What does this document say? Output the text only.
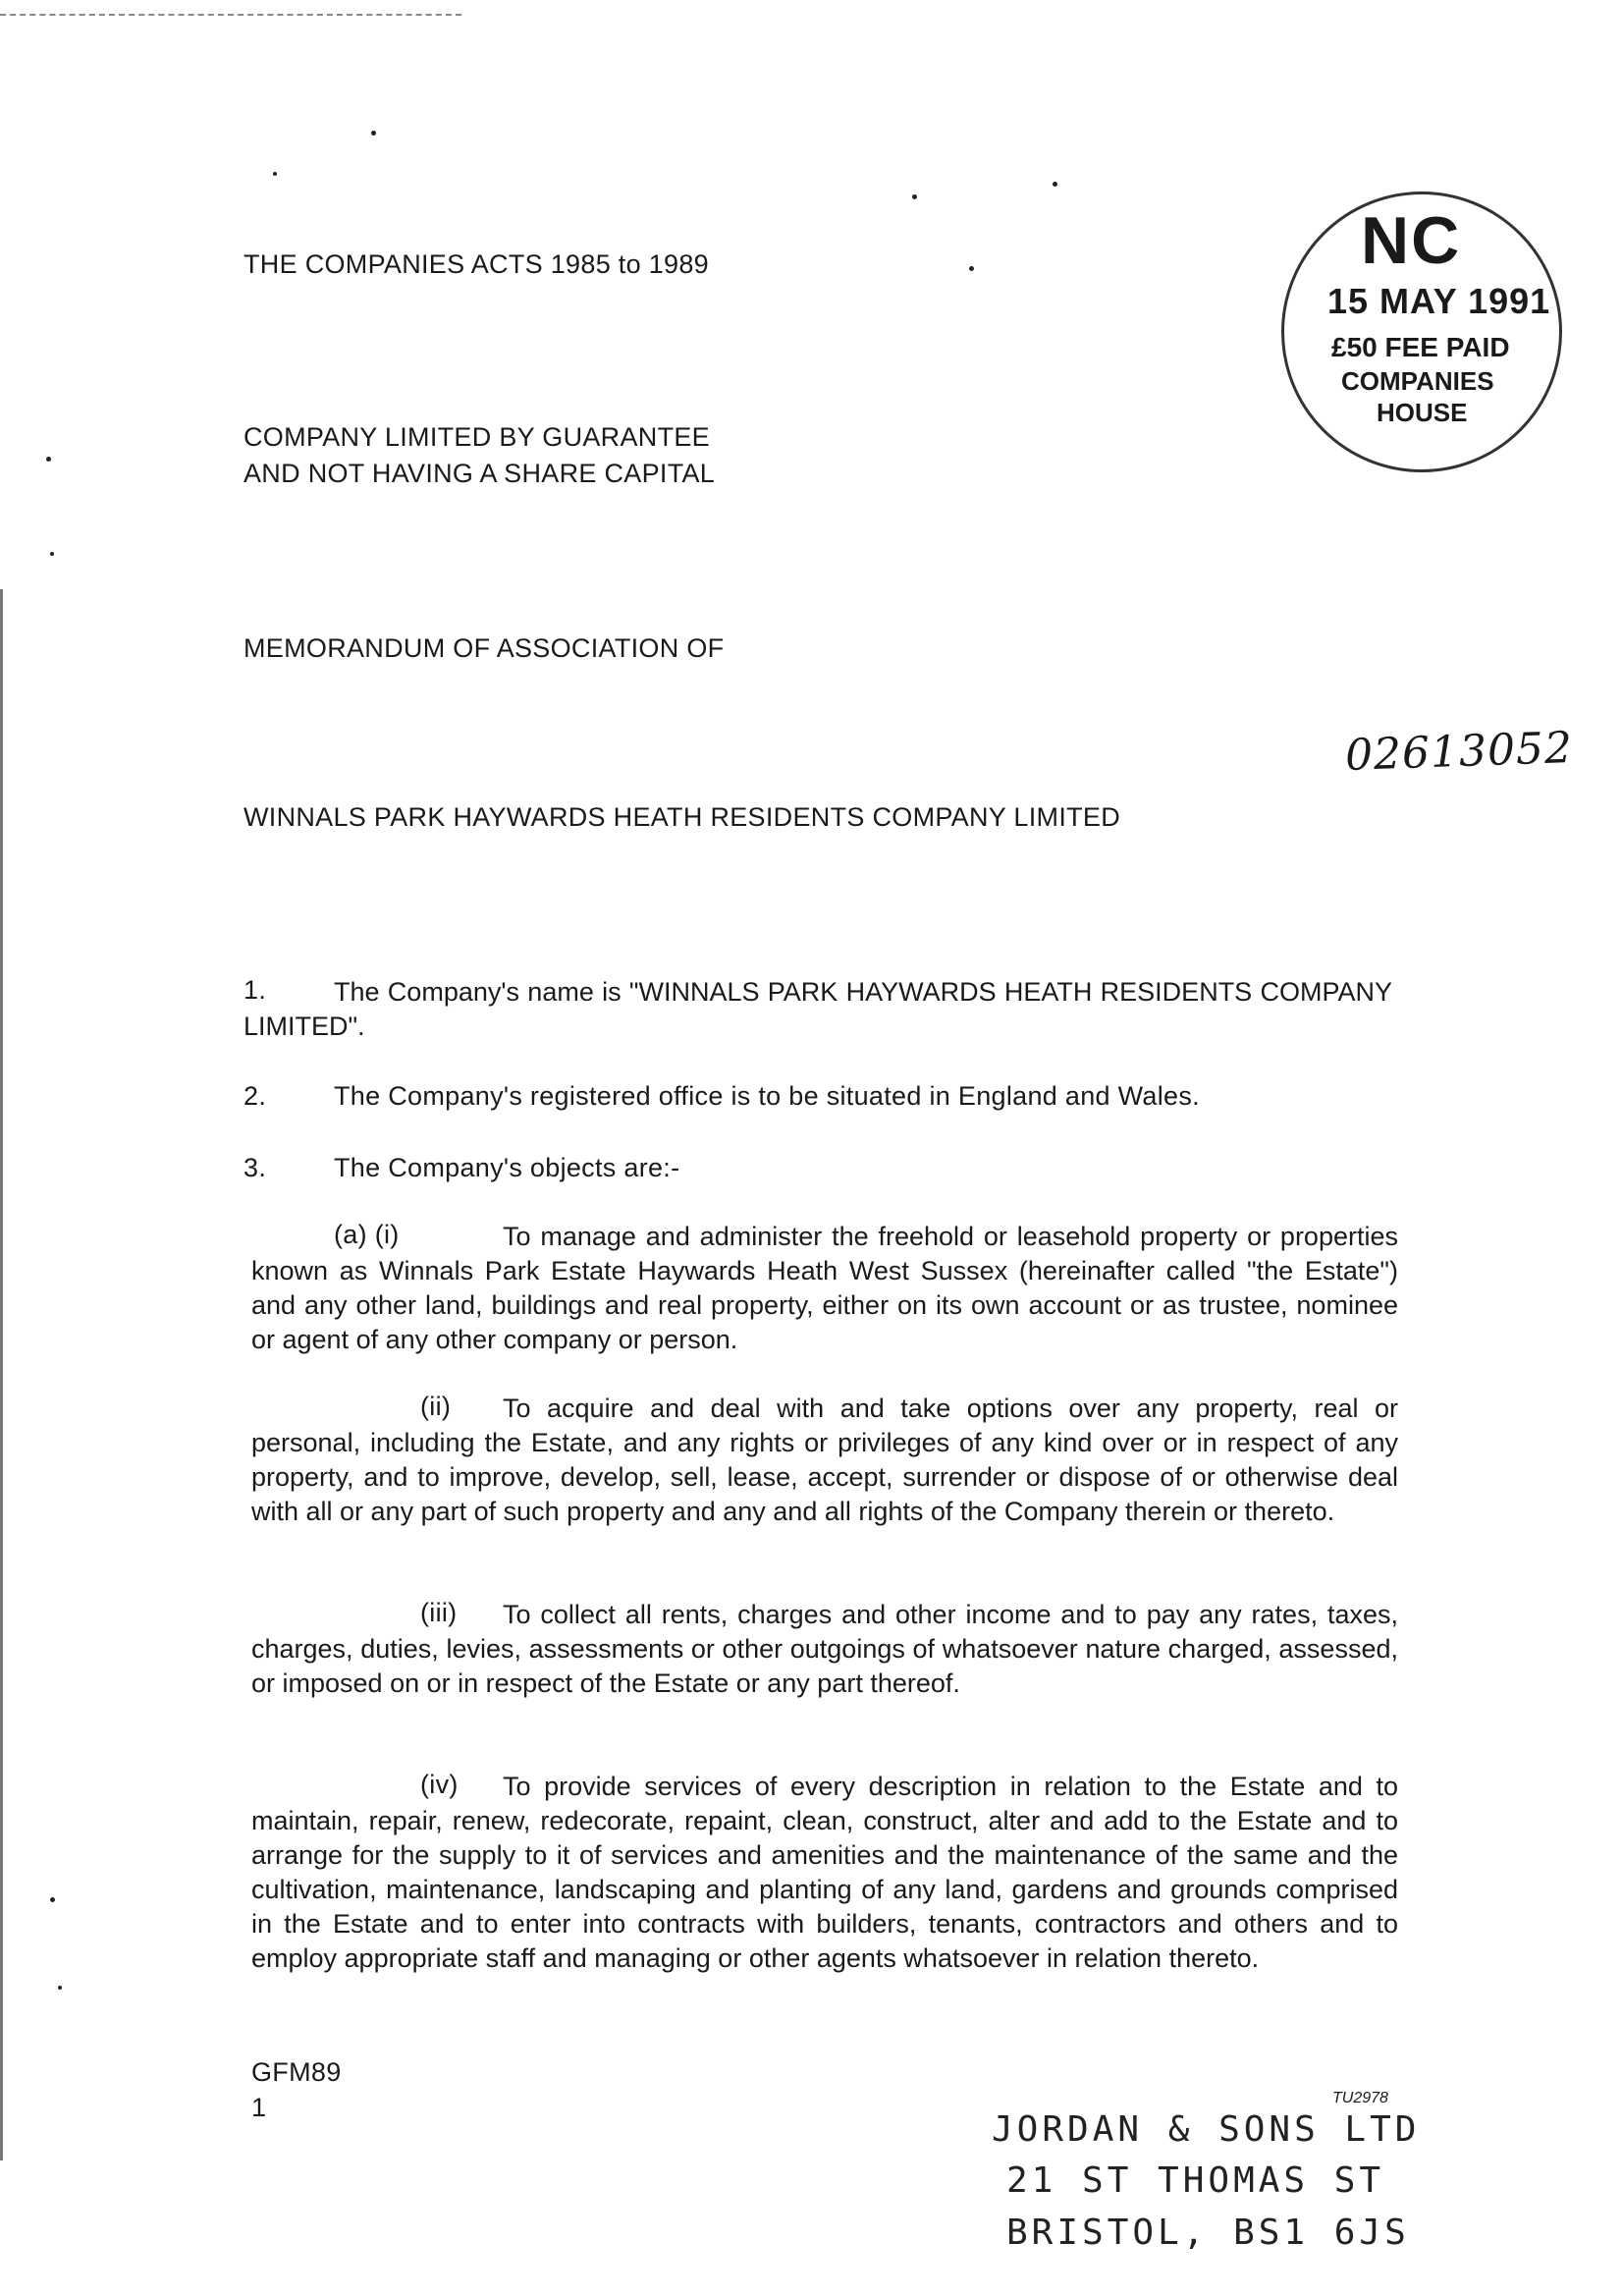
THE COMPANIES ACTS 1985 to 1989
COMPANY LIMITED BY GUARANTEE
AND NOT HAVING A SHARE CAPITAL
MEMORANDUM OF ASSOCIATION OF
WINNALS PARK HAYWARDS HEATH RESIDENTS COMPANY LIMITED
NC
15 MAY 1991
£50 FEE PAID
COMPANIES
HOUSE
02613052
1.	The Company's name is "WINNALS PARK HAYWARDS HEATH RESIDENTS COMPANY LIMITED".
2.	The Company's registered office is to be situated in England and Wales.
3.	The Company's objects are:-
(a) (i)	To manage and administer the freehold or leasehold property or properties known as Winnals Park Estate Haywards Heath West Sussex (hereinafter called "the Estate") and any other land, buildings and real property, either on its own account or as trustee, nominee or agent of any other company or person.
(ii)	To acquire and deal with and take options over any property, real or personal, including the Estate, and any rights or privileges of any kind over or in respect of any property, and to improve, develop, sell, lease, accept, surrender or dispose of or otherwise deal with all or any part of such property and any and all rights of the Company therein or thereto.
(iii)	To collect all rents, charges and other income and to pay any rates, taxes, charges, duties, levies, assessments or other outgoings of whatsoever nature charged, assessed, or imposed on or in respect of the Estate or any part thereof.
(iv)	To provide services of every description in relation to the Estate and to maintain, repair, renew, redecorate, repaint, clean, construct, alter and add to the Estate and to arrange for the supply to it of services and amenities and the maintenance of the same and the cultivation, maintenance, landscaping and planting of any land, gardens and grounds comprised in the Estate and to enter into contracts with builders, tenants, contractors and others and to employ appropriate staff and managing or other agents whatsoever in relation thereto.
GFM89
1	TU2978
JORDAN & SONS LTD
21 ST THOMAS ST
BRISTOL, BS1 6JS
